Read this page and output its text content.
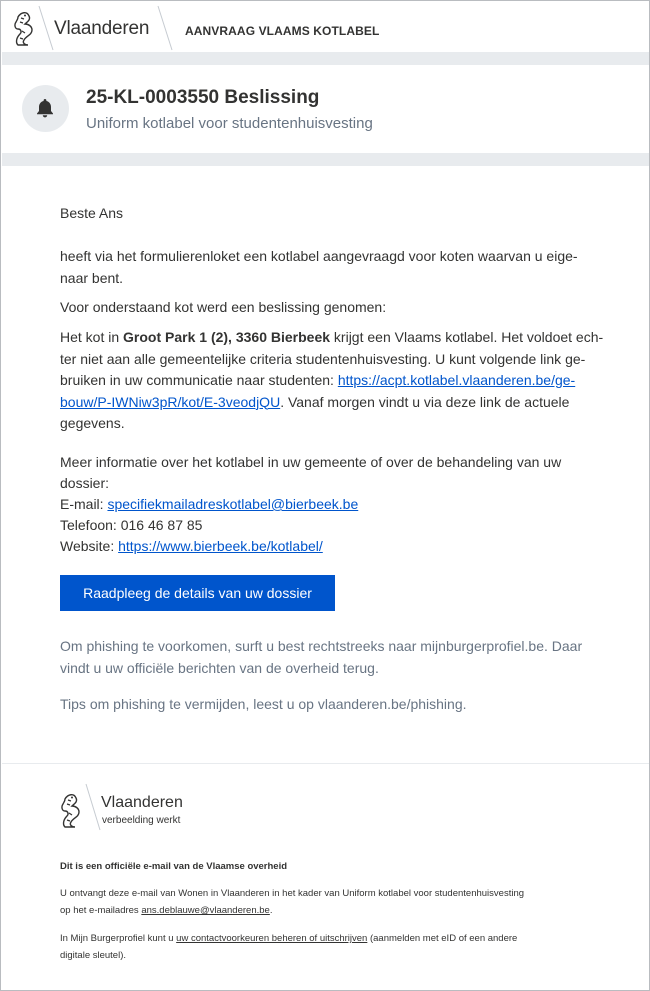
Vlaanderen	AANVRAAG VLAAMS KOTLABEL
25-KL-0003550 Beslissing
Uniform kotlabel voor studentenhuisvesting
Beste Ans
heeft via het formulierenloket een kotlabel aangevraagd voor koten waarvan u eige-
naar bent.
Voor onderstaand kot werd een beslissing genomen:
Het kot in Groot Park 1 (2), 3360 Bierbeek krijgt een Vlaams kotlabel. Het voldoet ech-
ter niet aan alle gemeentelijke criteria studentenhuisvesting. U kunt volgende link ge-
bruiken in uw communicatie naar studenten: https://acpt.kotlabel.vlaanderen.be/ge-
bouw/P-IWNiw3pR/kot/E-3veodjQU. Vanaf morgen vindt u via deze link de actuele
gegevens.
Meer informatie over het kotlabel in uw gemeente of over de behandeling van uw
dossier:
E-mail: specifiekmailadreskotlabel@bierbeek.be
Telefoon: 016 46 87 85
Website: https://www.bierbeek.be/kotlabel/
Raadpleeg de details van uw dossier
Om phishing te voorkomen, surft u best rechtstreeks naar mijnburgerprofiel.be. Daar
vindt u uw officiële berichten van de overheid terug.
Tips om phishing te vermijden, leest u op vlaanderen.be/phishing.
Vlaanderen
verbeelding werkt
Dit is een officiële e-mail van de Vlaamse overheid
U ontvangt deze e-mail van Wonen in Vlaanderen in het kader van Uniform kotlabel voor studentenhuisvesting
op het e-mailadres ans.deblauwe@vlaanderen.be.
In Mijn Burgerprofiel kunt u uw contactvoorkeuren beheren of uitschrijven (aanmelden met eID of een andere
digitale sleutel).
